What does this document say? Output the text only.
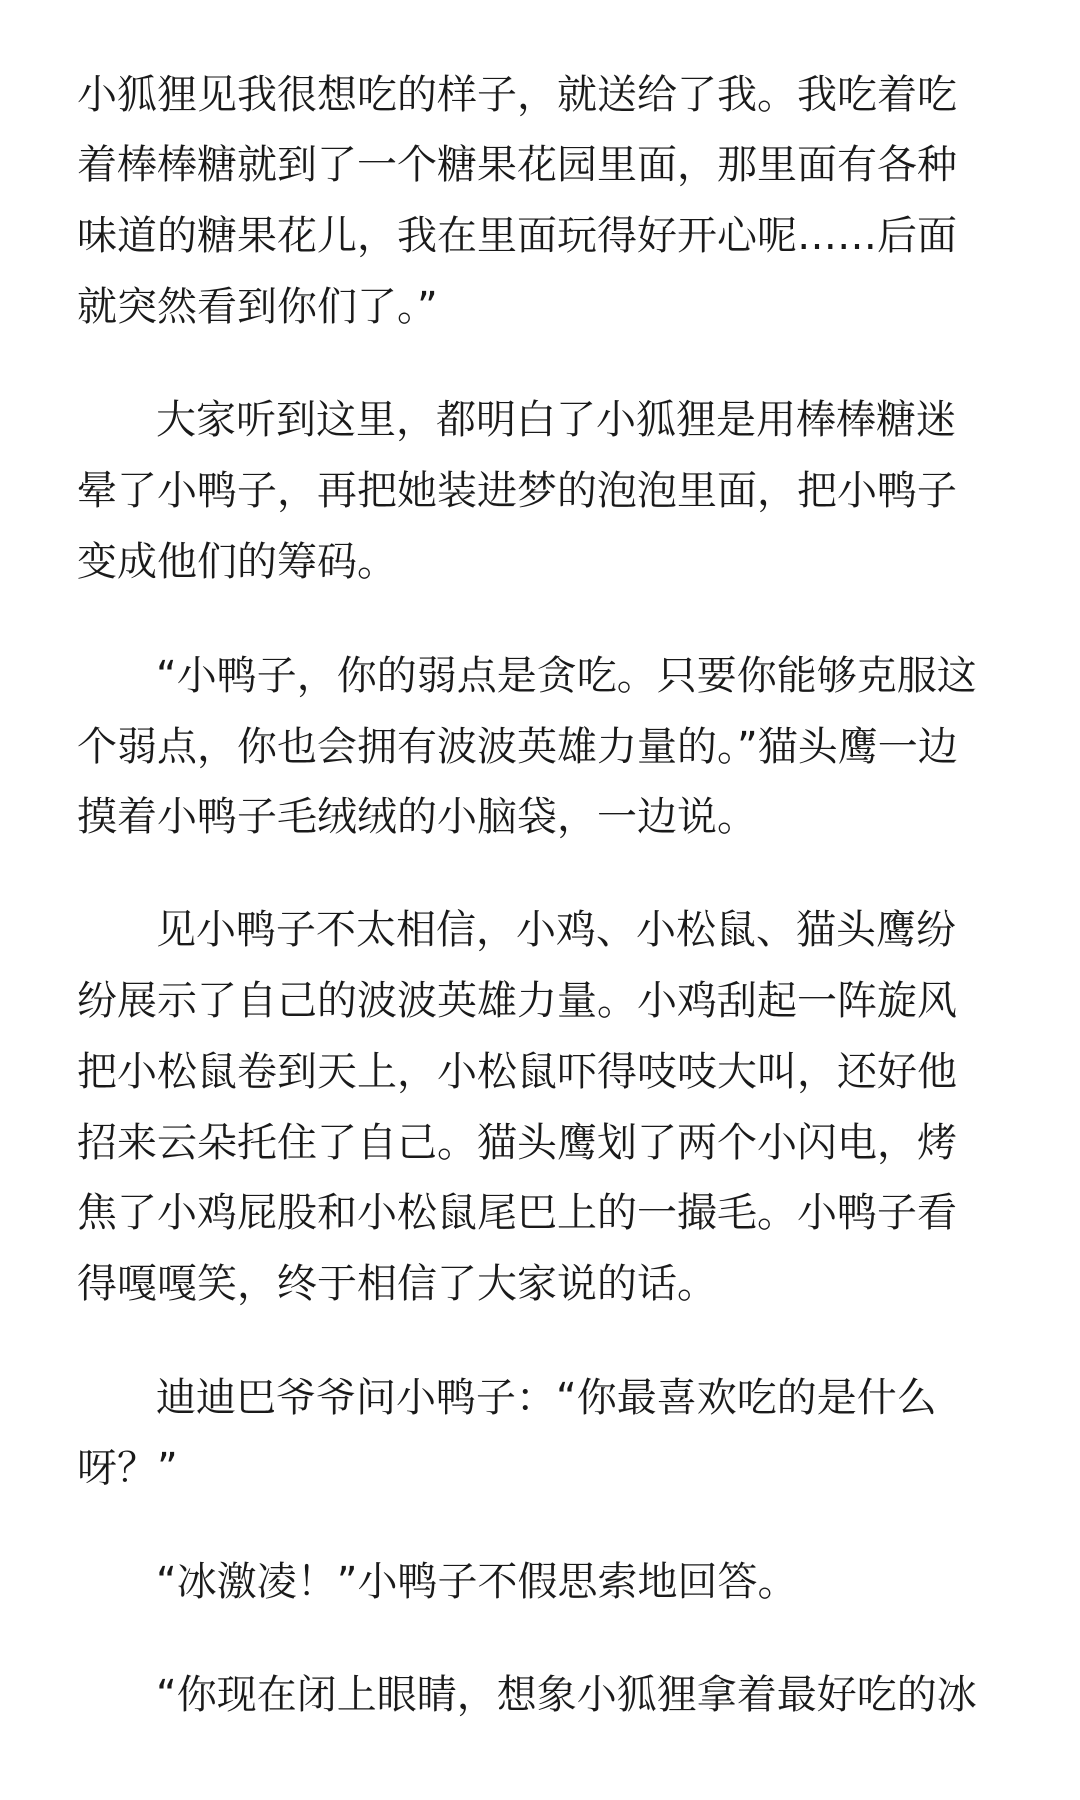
小狐狸见我很想吃的样子，就送给了我。我吃着吃
着棒棒糖就到了一个糖果花园里面，那里面有各种
味道的糖果花儿，我在里面玩得好开心呢……后面
就突然看到你们了。”
大家听到这里，都明白了小狐狸是用棒棒糖迷
晕了小鸭子，再把她装进梦的泡泡里面，把小鸭子
变成他们的筹码。
“小鸭子，你的弱点是贪吃。只要你能够克服这
个弱点，你也会拥有波波英雄力量的。”猫头鹰一边
摸着小鸭子毛绒绒的小脑袋，一边说。
见小鸭子不太相信，小鸡、小松鼠、猫头鹰纷
纷展示了自己的波波英雄力量。小鸡刮起一阵旋风
把小松鼠卷到天上，小松鼠吓得吱吱大叫，还好他
招来云朵托住了自己。猫头鹰划了两个小闪电，烤
焦了小鸡屁股和小松鼠尾巴上的一撮毛。小鸭子看
得嘎嘎笑，终于相信了大家说的话。
迪迪巴爷爷问小鸭子：“你最喜欢吃的是什么
呀？”
“冰激凌！”小鸭子不假思索地回答。
“你现在闭上眼睛，想象小狐狸拿着最好吃的冰
